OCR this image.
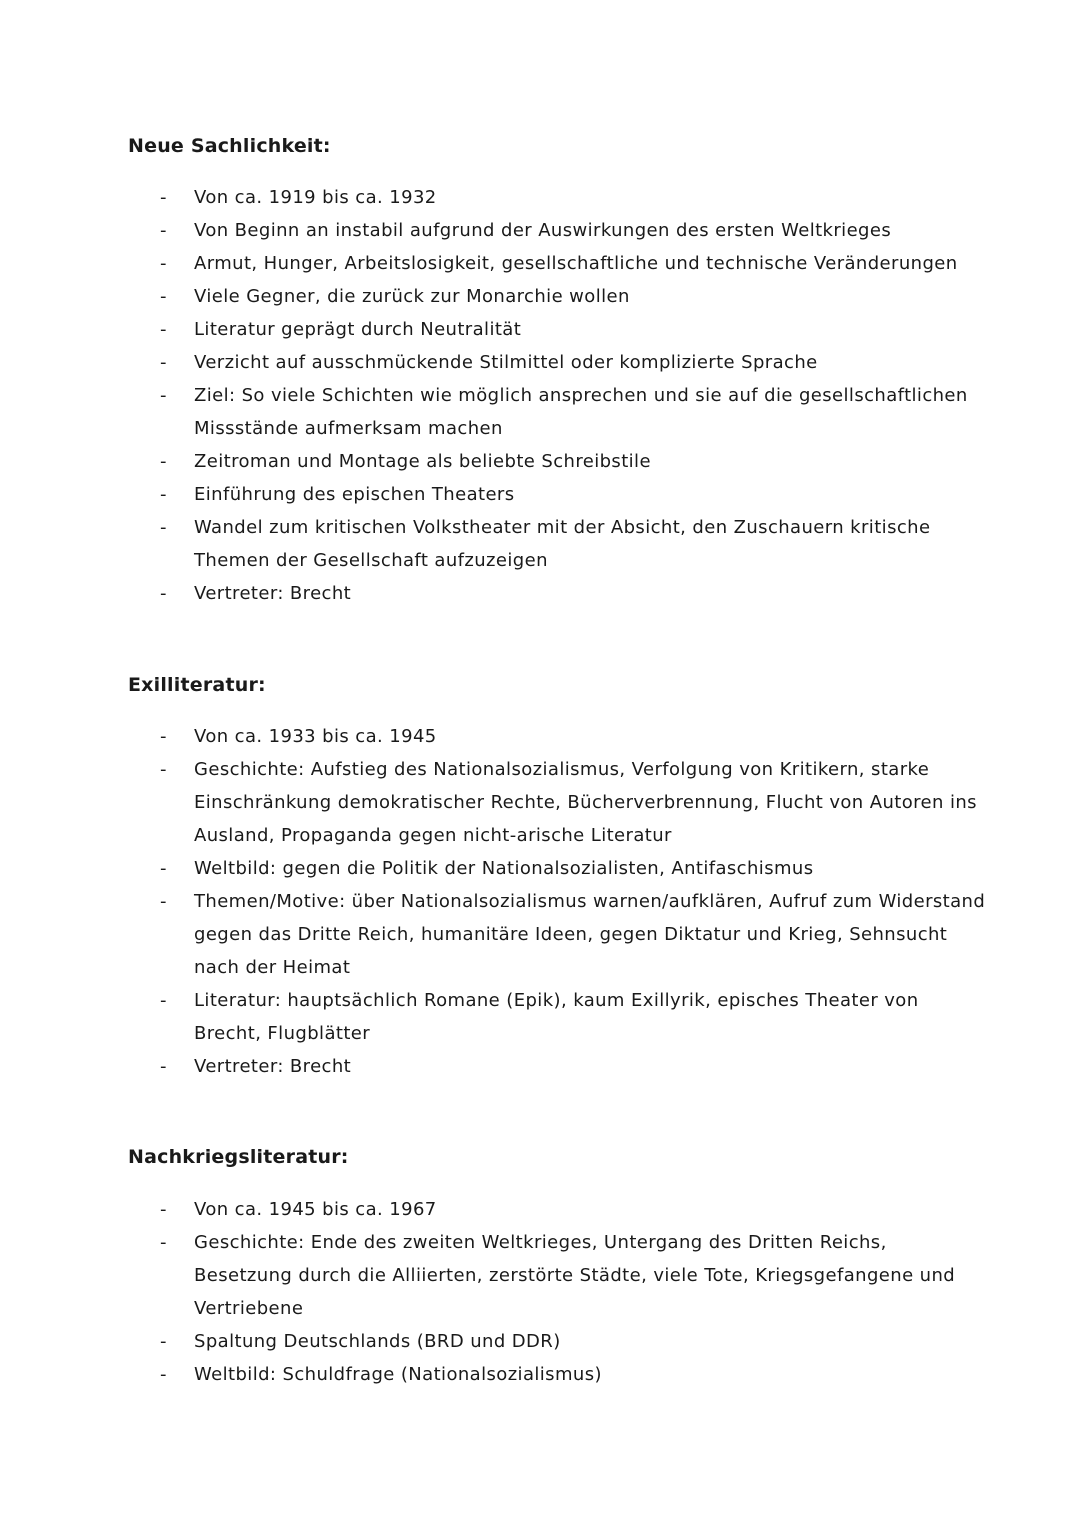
Neue Sachlichkeit:
- Von ca. 1919 bis ca. 1932
- Von Beginn an instabil aufgrund der Auswirkungen des ersten Weltkrieges
- Armut, Hunger, Arbeitslosigkeit, gesellschaftliche und technische Veränderungen
- Viele Gegner, die zurück zur Monarchie wollen
- Literatur geprägt durch Neutralität
- Verzicht auf ausschmückende Stilmittel oder komplizierte Sprache
- Ziel: So viele Schichten wie möglich ansprechen und sie auf die gesellschaftlichen Missstände aufmerksam machen
- Zeitroman und Montage als beliebte Schreibstile
- Einführung des epischen Theaters
- Wandel zum kritischen Volkstheater mit der Absicht, den Zuschauern kritische Themen der Gesellschaft aufzuzeigen
- Vertreter: Brecht
Exilliteratur:
- Von ca. 1933 bis ca. 1945
- Geschichte: Aufstieg des Nationalsozialismus, Verfolgung von Kritikern, starke Einschränkung demokratischer Rechte, Bücherverbrennung, Flucht von Autoren ins Ausland, Propaganda gegen nicht-arische Literatur
- Weltbild: gegen die Politik der Nationalsozialisten, Antifaschismus
- Themen/Motive: über Nationalsozialismus warnen/aufklären, Aufruf zum Widerstand gegen das Dritte Reich, humanitäre Ideen, gegen Diktatur und Krieg, Sehnsucht nach der Heimat
- Literatur: hauptsächlich Romane (Epik), kaum Exillyrik, episches Theater von Brecht, Flugblätter
- Vertreter: Brecht
Nachkriegsliteratur:
- Von ca. 1945 bis ca. 1967
- Geschichte: Ende des zweiten Weltkrieges, Untergang des Dritten Reichs, Besetzung durch die Alliierten, zerstörte Städte, viele Tote, Kriegsgefangene und Vertriebene
- Spaltung Deutschlands (BRD und DDR)
- Weltbild: Schuldfrage (Nationalsozialismus)
